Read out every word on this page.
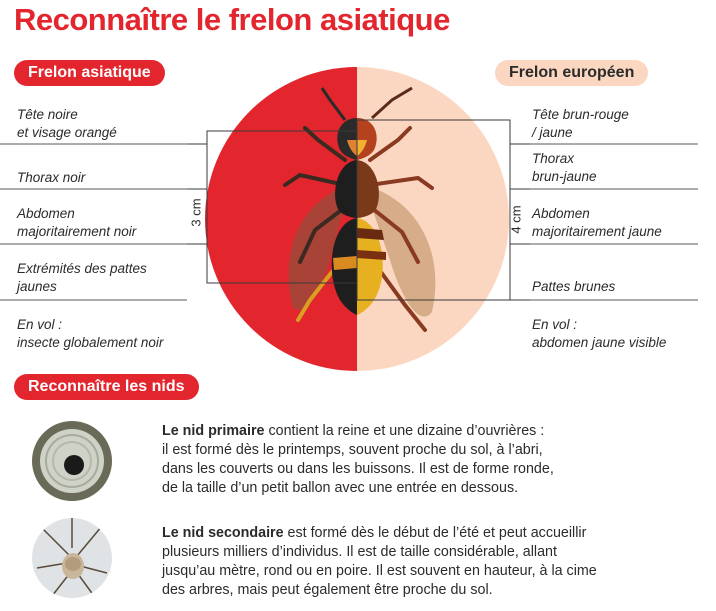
Reconnaître le frelon asiatique
Frelon asiatique	Frelon européen
Tête noire
et visage orangé
Thorax noir
Abdomen
majoritairement noir
Extrémités des pattes
jaunes
En vol :
insecte globalement noir
Tête brun-rouge
/ jaune
Thorax
brun-jaune
Abdomen
majoritairement jaune
Pattes brunes
En vol :
abdomen jaune visible
3 cm	4 cm
Reconnaître les nids
Le nid primaire contient la reine et une dizaine d’ouvrières :
il est formé dès le printemps, souvent proche du sol, à l’abri,
dans les couverts ou dans les buissons. Il est de forme ronde,
de la taille d’un petit ballon avec une entrée en dessous.
Le nid secondaire est formé dès le début de l’été et peut accueillir
plusieurs milliers d’individus. Il est de taille considérable, allant
jusqu’au mètre, rond ou en poire. Il est souvent en hauteur, à la cime
des arbres, mais peut également être proche du sol.
